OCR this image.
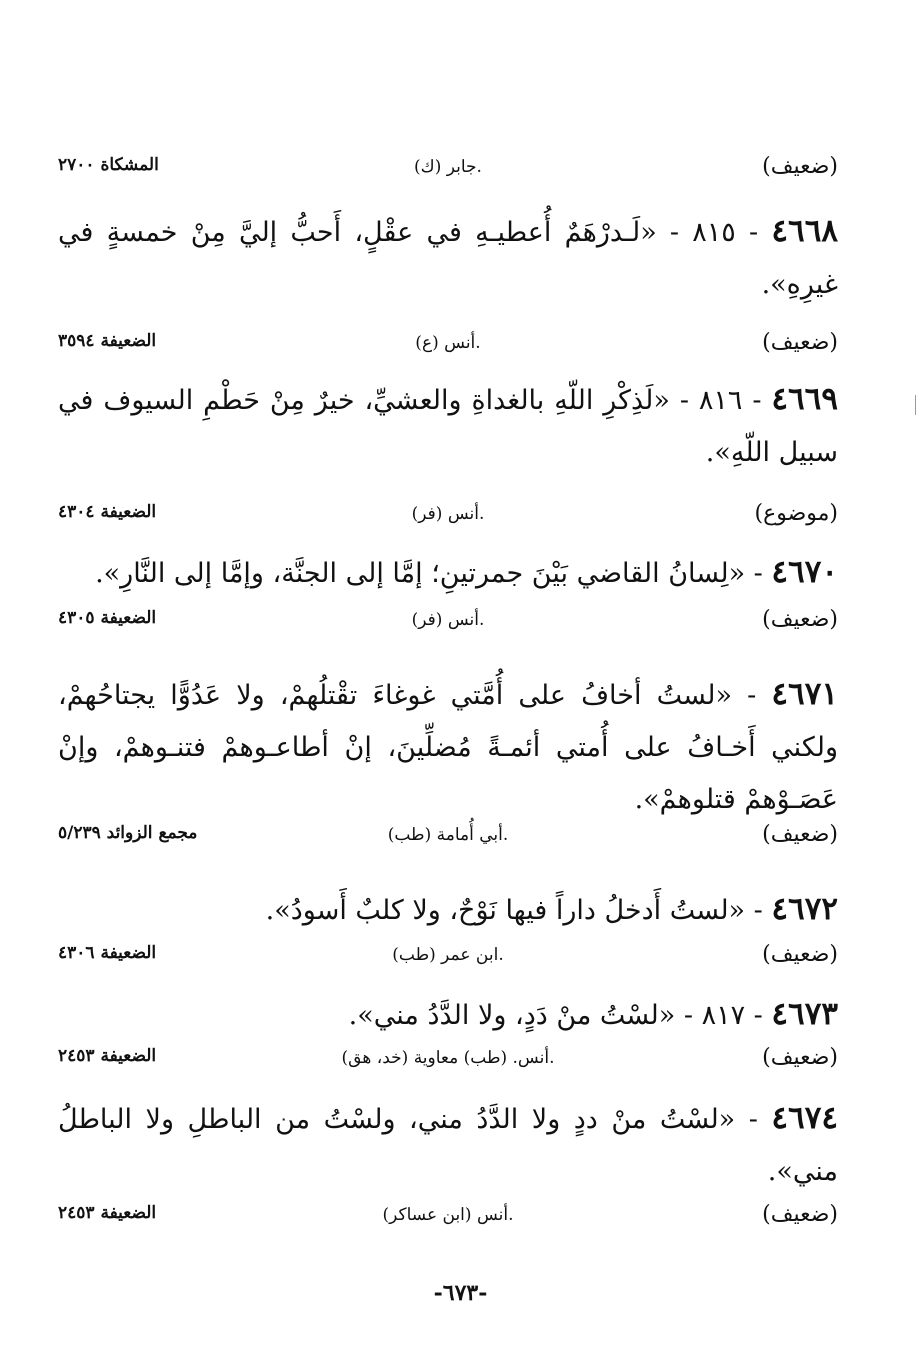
(ضعيف)
(ك) جابر.
المشكاة ٢٧٠٠
٤٦٦٨ - ٨١٥ - «لَـدرْهَمٌ أُعطيـهِ في عقْلٍ، أَحبُّ إليَّ مِنْ خمسةٍ في غيرِهِ».
(ضعيف)
(ع) أنس.
الضعيفة ٣٥٩٤
٤٦٦٩ - ٨١٦ - «لَذِكْرِ اللّهِ بالغداةِ والعشيِّ، خيرٌ مِنْ حَطْمِ السيوف في سبيل اللّهِ».
(موضوع)
(فر) أنس.
الضعيفة ٤٣٠٤
٤٦٧٠ - «لِسانُ القاضي بَيْنَ جمرتينِ؛ إمَّا إلى الجنَّة، وإمَّا إلى النَّارِ».
(ضعيف)
(فر) أنس.
الضعيفة ٤٣٠٥
٤٦٧١ - «لستُ أخافُ على أُمَّتي غوغاءَ تقْتلُهمْ، ولا عَدُوًّا يجتاحُهمْ، ولكني أَخـافُ على أُمتي أئمـةً مُضلِّينَ، إنْ أطاعـوهمْ فتنـوهمْ، وإنْ عَصَـوْهمْ قتلوهمْ».
(ضعيف)
(طب) أبي أُمامة.
مجمع الزوائد ٥/٢٣٩
٤٦٧٢ - «لستُ أَدخلُ داراً فيها نَوْحٌ، ولا كلبٌ أَسودُ».
(ضعيف)
(طب) ابن عمر.
الضعيفة ٤٣٠٦
٤٦٧٣ - ٨١٧ - «لسْتُ منْ دَدٍ، ولا الدَّدُ مني».
(ضعيف)
(خد، هق) أنس. (طب) معاوية.
الضعيفة ٢٤٥٣
٤٦٧٤ - «لسْتُ منْ ددٍ ولا الدَّدُ مني، ولسْتُ من الباطلِ ولا الباطلُ مني».
(ضعيف)
(ابن عساكر) أنس.
الضعيفة ٢٤٥٣
-٦٧٣-
